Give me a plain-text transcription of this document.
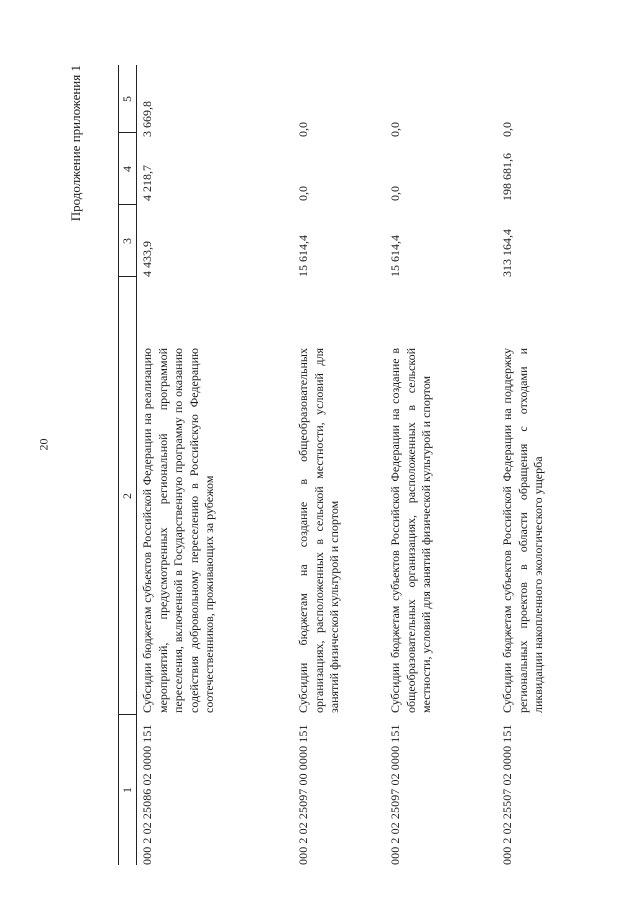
20
Продолжение приложения 1
1
2
3
4
5
000 2 02 25086 02 0000 151
Субсидии бюджетам субъектов Российской Федерации на реализацию мероприятий, предусмотренных региональной программой переселения, включенной в Государственную программу по оказанию содействия добровольному переселению в Российскую Федерацию соотечественников, проживающих за рубежом
4 433,9
4 218,7
3 669,8
000 2 02 25097 00 0000 151
Субсидии бюджетам на создание в общеобразовательных организациях, расположенных в сельской местности, условий для занятий физической культурой и спортом
15 614,4
0,0
0,0
000 2 02 25097 02 0000 151
Субсидии бюджетам субъектов Российской Федерации на создание в общеобразовательных организациях, расположенных в сельской местности, условий для занятий физической культурой и спортом
15 614,4
0,0
0,0
000 2 02 25507 02 0000 151
Субсидии бюджетам субъектов Российской Федерации на поддержку региональных проектов в области обращения с отходами и ликвидации накопленного экологического ущерба
313 164,4
198 681,6
0,0
